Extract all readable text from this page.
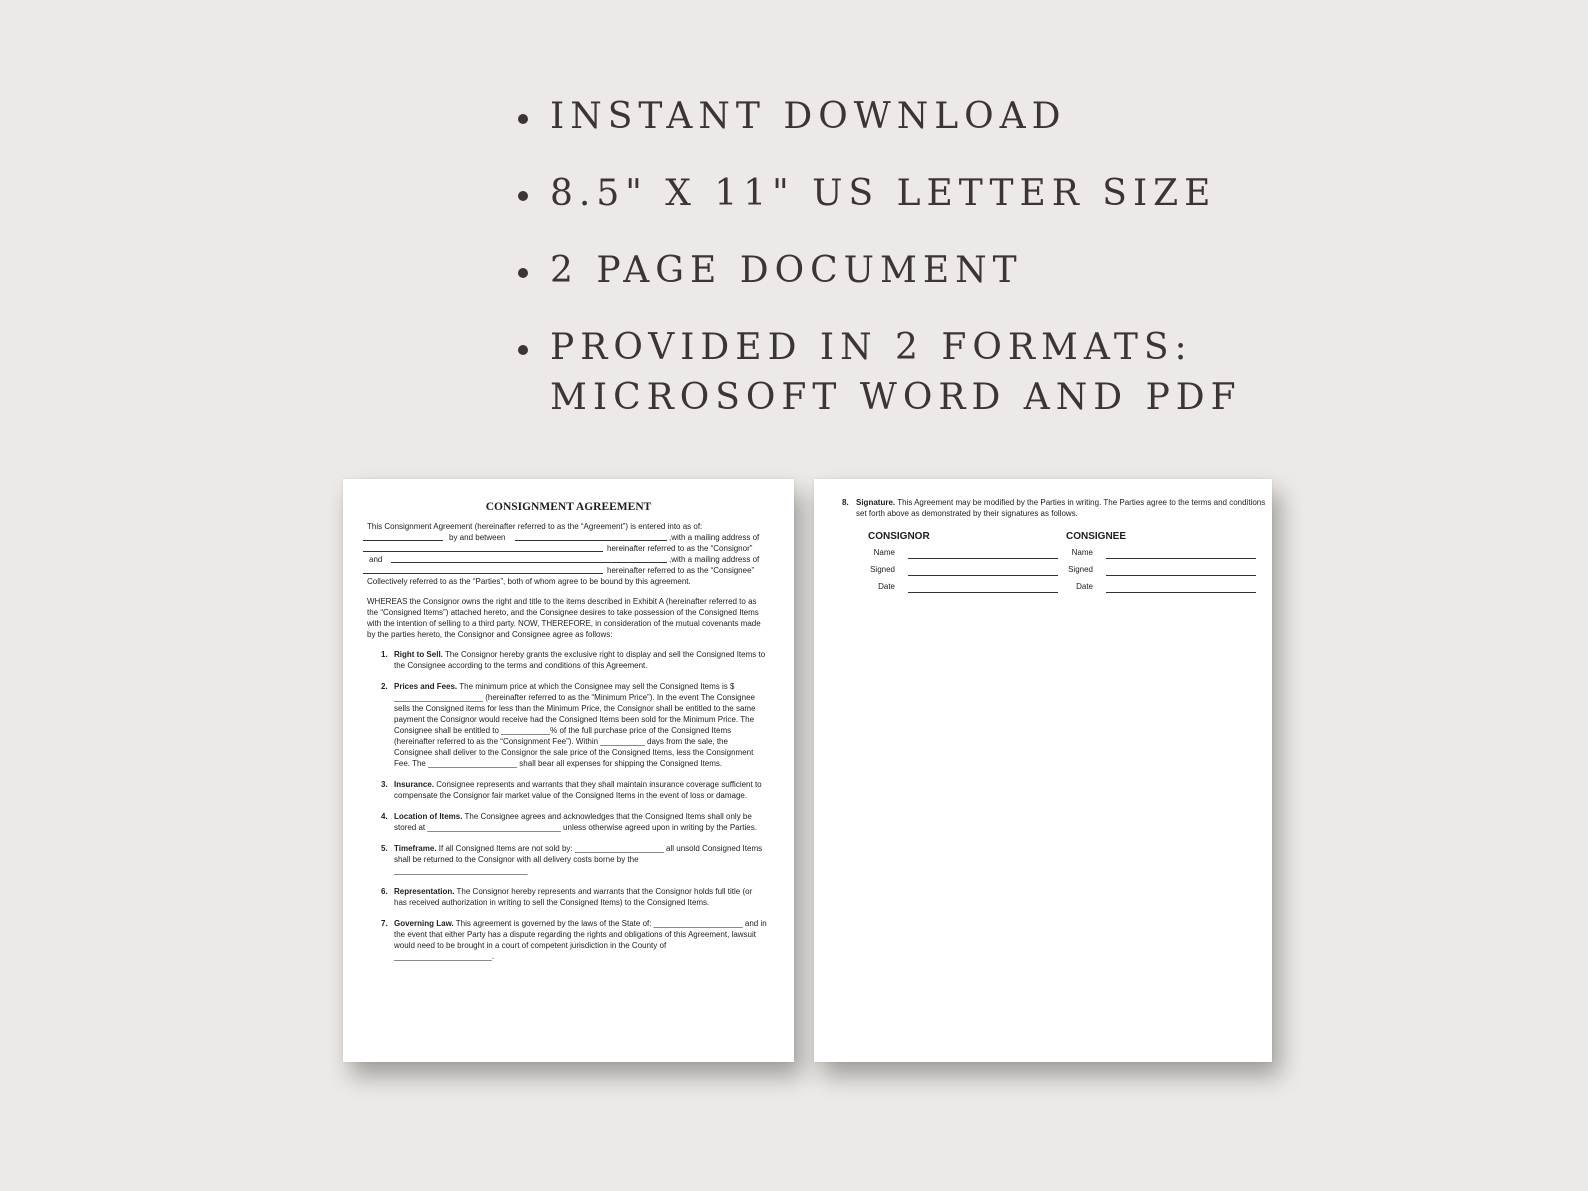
INSTANT DOWNLOAD
8.5" X 11" US LETTER SIZE
2 PAGE DOCUMENT
PROVIDED IN 2 FORMATS:
MICROSOFT WORD AND PDF
CONSIGNMENT AGREEMENT
This Consignment Agreement (hereinafter referred to as the “Agreement”) is entered into as of:
by and between	,with a mailing address of
hereinafter referred to as the “Consignor”
and	,with a mailing address of
hereinafter referred to as the “Consignee”
Collectively referred to as the “Parties”, both of whom agree to be bound by this agreement.
WHEREAS the Consignor owns the right and title to the items described in Exhibit A (hereinafter referred to as the “Consigned Items”) attached hereto, and the Consignee desires to take possession of the Consigned Items with the intention of selling to a third party. NOW, THEREFORE, in consideration of the mutual covenants made by the parties hereto, the Consignor and Consignee agree as follows:
1. Right to Sell. The Consignor hereby grants the exclusive right to display and sell the Consigned Items to the Consignee according to the terms and conditions of this Agreement.
2. Prices and Fees. The minimum price at which the Consignee may sell the Consigned Items is $ ____________________ (hereinafter referred to as the “Minimum Price”). In the event The Consignee sells the Consigned items for less than the Minimum Price, the Consignor shall be entitled to the same payment the Consignor would receive had the Consigned Items been sold for the Minimum Price. The Consignee shall be entitled to ___________% of the full purchase price of the Consigned Items (hereinafter referred to as the “Consignment Fee”). Within __________ days from the sale, the Consignee shall deliver to the Consignor the sale price of the Consigned Items, less the Consignment Fee. The ____________________ shall bear all expenses for shipping the Consigned Items.
3. Insurance. Consignee represents and warrants that they shall maintain insurance coverage sufficient to compensate the Consignor fair market value of the Consigned Items in the event of loss or damage.
4. Location of Items. The Consignee agrees and acknowledges that the Consigned Items shall only be stored at ______________________________ unless otherwise agreed upon in writing by the Parties.
5. Timeframe. If all Consigned Items are not sold by: ____________________ all unsold Consigned Items shall be returned to the Consignor with all delivery costs borne by the ______________________________
6. Representation. The Consignor hereby represents and warrants that the Consignor holds full title (or has received authorization in writing to sell the Consigned Items) to the Consigned Items.
7. Governing Law. This agreement is governed by the laws of the State of: ____________________ and in the event that either Party has a dispute regarding the rights and obligations of this Agreement, lawsuit would need to be brought in a court of competent jurisdiction in the County of ______________________.
8. Signature. This Agreement may be modified by the Parties in writing. The Parties agree to the terms and conditions set forth above as demonstrated by their signatures as follows.
CONSIGNOR
Name
Signed
Date
CONSIGNEE
Name
Signed
Date
